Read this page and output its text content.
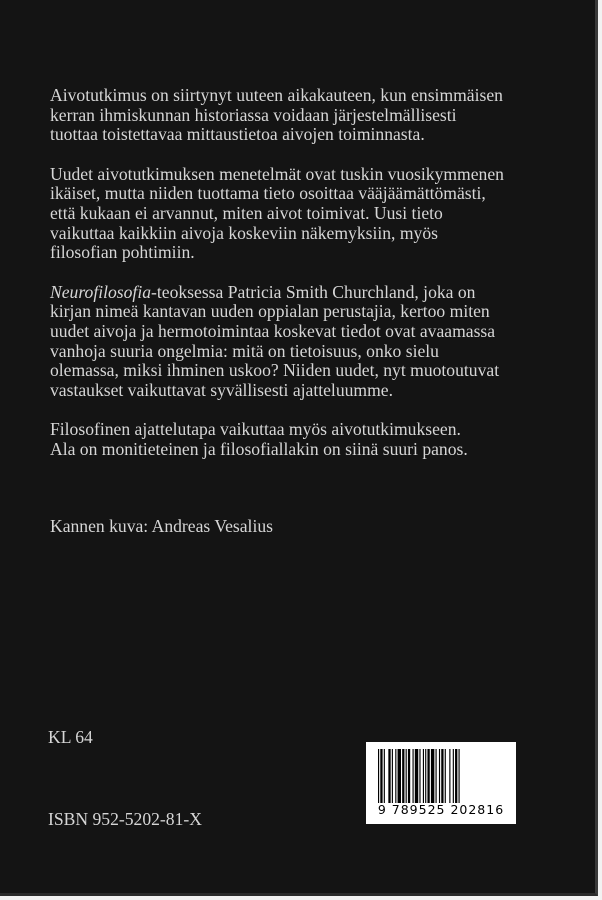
Aivotutkimus on siirtynyt uuteen aikakauteen, kun ensimmäisen
kerran ihmiskunnan historiassa voidaan järjestelmällisesti
tuottaa toistettavaa mittaustietoa aivojen toiminnasta.

Uudet aivotutkimuksen menetelmät ovat tuskin vuosikymmenen
ikäiset, mutta niiden tuottama tieto osoittaa vääjäämättömästi,
että kukaan ei arvannut, miten aivot toimivat. Uusi tieto
vaikuttaa kaikkiin aivoja koskeviin näkemyksiin, myös
filosofian pohtimiin.

Neurofilosofia-teoksessa Patricia Smith Churchland, joka on
kirjan nimeä kantavan uuden oppialan perustajia, kertoo miten
uudet aivoja ja hermotoimintaa koskevat tiedot ovat avaamassa
vanhoja suuria ongelmia: mitä on tietoisuus, onko sielu
olemassa, miksi ihminen uskoo? Niiden uudet, nyt muotoutuvat
vastaukset vaikuttavat syvällisesti ajatteluumme.

Filosofinen ajattelutapa vaikuttaa myös aivotutkimukseen.
Ala on monitieteinen ja filosofiallakin on siinä suuri panos.

Kannen kuva: Andreas Vesalius
KL 64
9 789525 202816
ISBN 952-5202-81-X
